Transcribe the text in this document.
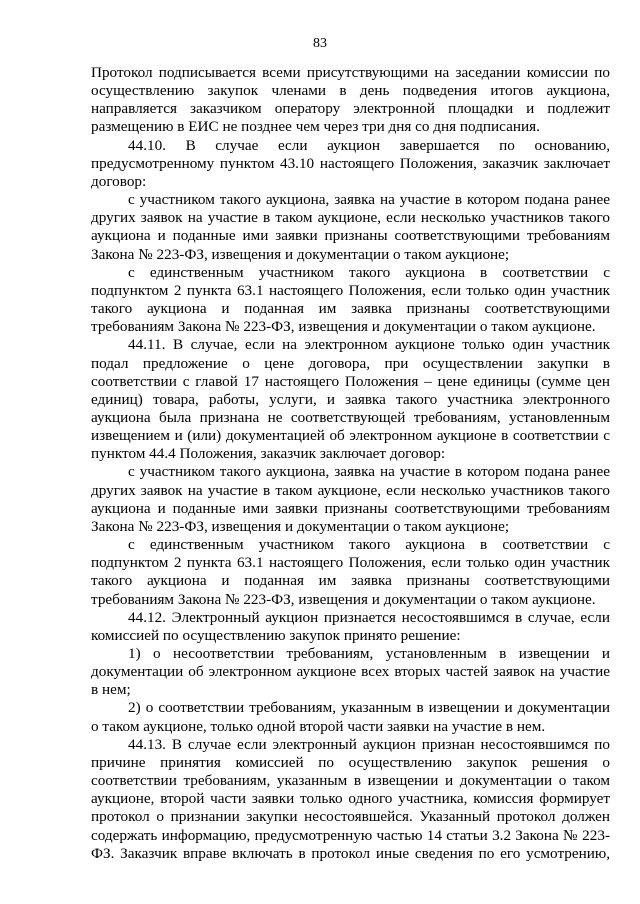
83

Протокол подписывается всеми присутствующими на заседании комиссии по осуществлению закупок членами в день подведения итогов аукциона, направляется заказчиком оператору электронной площадки и подлежит размещению в ЕИС не позднее чем через три дня со дня подписания.

44.10. В случае если аукцион завершается по основанию, предусмотренному пунктом 43.10 настоящего Положения, заказчик заключает договор:

с участником такого аукциона, заявка на участие в котором подана ранее других заявок на участие в таком аукционе, если несколько участников такого аукциона и поданные ими заявки признаны соответствующими требованиям Закона № 223-ФЗ, извещения и документации о таком аукционе;

с единственным участником такого аукциона в соответствии с подпунктом 2 пункта 63.1 настоящего Положения, если только один участник такого аукциона и поданная им заявка признаны соответствующими требованиям Закона № 223-ФЗ, извещения и документации о таком аукционе.

44.11. В случае, если на электронном аукционе только один участник подал предложение о цене договора, при осуществлении закупки в соответствии с главой 17 настоящего Положения – цене единицы (сумме цен единиц) товара, работы, услуги, и заявка такого участника электронного аукциона была признана не соответствующей требованиям, установленным извещением и (или) документацией об электронном аукционе в соответствии с пунктом 44.4 Положения, заказчик заключает договор:

с участником такого аукциона, заявка на участие в котором подана ранее других заявок на участие в таком аукционе, если несколько участников такого аукциона и поданные ими заявки признаны соответствующими требованиям Закона № 223-ФЗ, извещения и документации о таком аукционе;

с единственным участником такого аукциона в соответствии с подпунктом 2 пункта 63.1 настоящего Положения, если только один участник такого аукциона и поданная им заявка признаны соответствующими требованиям Закона № 223-ФЗ, извещения и документации о таком аукционе.

44.12. Электронный аукцион признается несостоявшимся в случае, если комиссией по осуществлению закупок принято решение:

1) о несоответствии требованиям, установленным в извещении и документации об электронном аукционе всех вторых частей заявок на участие в нем;

2) о соответствии требованиям, указанным в извещении и документации о таком аукционе, только одной второй части заявки на участие в нем.

44.13. В случае если электронный аукцион признан несостоявшимся по причине принятия комиссией по осуществлению закупок решения о соответствии требованиям, указанным в извещении и документации о таком аукционе, второй части заявки только одного участника, комиссия формирует протокол о признании закупки несостоявшейся. Указанный протокол должен содержать информацию, предусмотренную частью 14 статьи 3.2 Закона № 223-ФЗ. Заказчик вправе включать в протокол иные сведения по его усмотрению,
